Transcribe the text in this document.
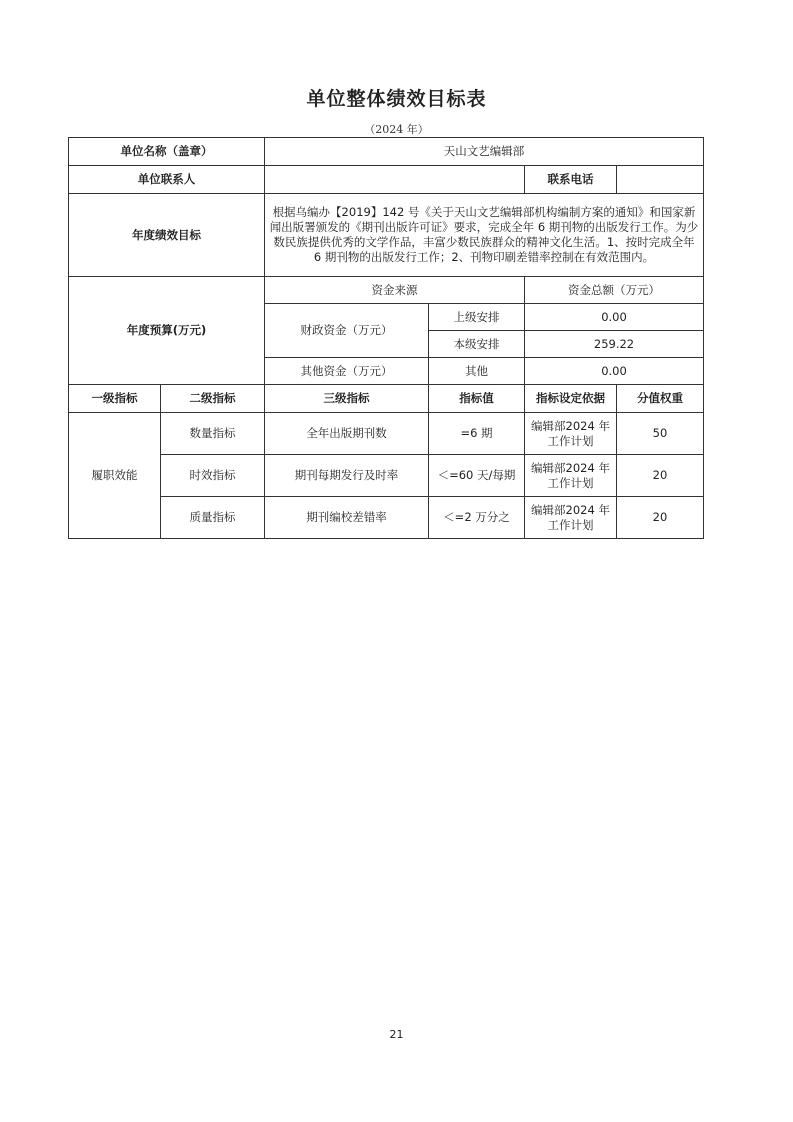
单位整体绩效目标表
（2024 年）
单位名称（盖章）		天山文艺编辑部			
单位联系人				联系电话	
年度绩效目标		根据乌编办【2019】142 号《关于天山文艺编辑部机构编制方案的通知》和国家新闻出版署颁发的《期刊出版许可证》要求，完成全年 6 期刊物的出版发行工作。为少数民族提供优秀的文学作品，丰富少数民族群众的精神文化生活。1、按时完成全年 6 期刊物的出版发行工作；2、刊物印刷差错率控制在有效范围内。			
年度预算(万元)		资金来源		资金总额（万元）	
		财政资金（万元）	上级安排	0.00	
			本级安排	259.22	
		其他资金（万元）	其他	0.00	
一级指标	二级指标	三级指标	指标值	指标设定依据	分值权重
履职效能	数量指标	全年出版期刊数	=6 期	编辑部2024 年工作计划	50
	时效指标	期刊每期发行及时率	＜=60 天/每期	编辑部2024 年工作计划	20
	质量指标	期刊编校差错率	＜=2 万分之	编辑部2024 年工作计划	20
21
